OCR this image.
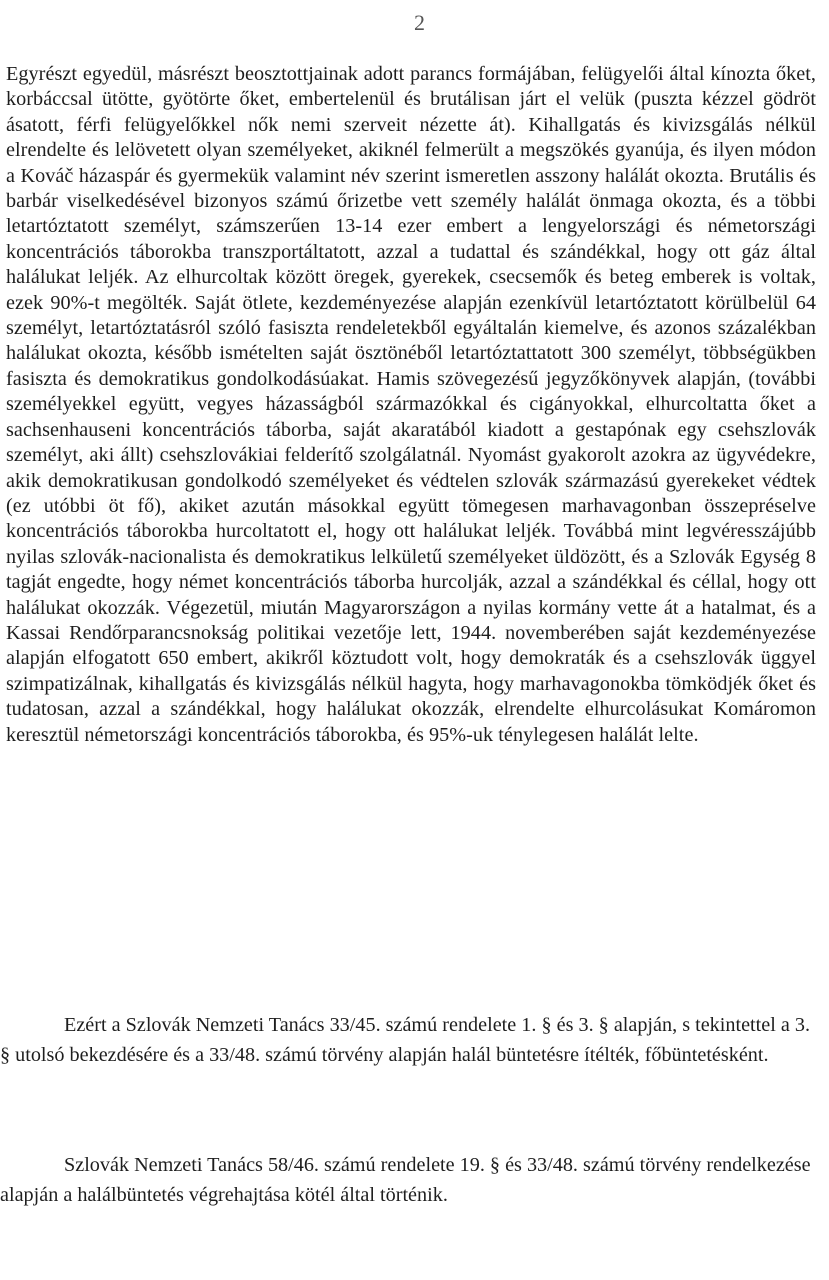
2

Egyrészt egyedül, másrészt beosztottjainak adott parancs formájában, felügyelői által kínozta őket, korbáccsal ütötte, gyötörte őket, embertelenül és brutálisan járt el velük (puszta kézzel gödröt ásatott, férfi felügyelőkkel nők nemi szerveit nézette át). Kihallgatás és kivizsgálás nélkül elrendelte és lelövetett olyan személyeket, akiknél felmerült a megszökés gyanúja, és ilyen módon a Kováč házaspár és gyermekük valamint név szerint ismeretlen asszony halálát okozta. Brutális és barbár viselkedésével bizonyos számú őrizetbe vett személy halálát önmaga okozta, és a többi letartóztatott személyt, számszerűen 13-14 ezer embert a lengyelországi és németországi koncentrációs táborokba transzportáltatott, azzal a tudattal és szándékkal, hogy ott gáz által halálukat leljék. Az elhurcoltak között öregek, gyerekek, csecsemők és beteg emberek is voltak, ezek 90%-t megölték. Saját ötlete, kezdeményezése alapján ezenkívül letartóztatott körülbelül 64 személyt, letartóztatásról szóló fasiszta rendeletekből egyáltalán kiemelve, és azonos százalékban halálukat okozta, később ismételten saját ösztönéből letartóztattatott 300 személyt, többségükben fasiszta és demokratikus gondolkodásúakat. Hamis szövegezésű jegyzőkönyvek alapján, (további személyekkel együtt, vegyes házasságból származókkal és cigányokkal, elhurcoltatta őket a sachsenhauseni koncentrációs táborba, saját akaratából kiadott a gestapónak egy csehszlovák személyt, aki állt) csehszlovákiai felderítő szolgálatnál. Nyomást gyakorolt azokra az ügyvédekre, akik demokratikusan gondolkodó személyeket és védtelen szlovák származású gyerekeket védtek (ez utóbbi öt fő), akiket azután másokkal együtt tömegesen marhavagonban összepréselve koncentrációs táborokba hurcoltatott el, hogy ott halálukat leljék. Továbbá mint legvéresszájúbb nyilas szlovák-nacionalista és demokratikus lelkületű személyeket üldözött, és a Szlovák Egység 8 tagját engedte, hogy német koncentrációs táborba hurcolják, azzal a szándékkal és céllal, hogy ott halálukat okozzák. Végezetül, miután Magyarországon a nyilas kormány vette át a hatalmat, és a Kassai Rendőrparancsnokság politikai vezetője lett, 1944. novemberében saját kezdeményezése alapján elfogatott 650 embert, akikről köztudott volt, hogy demokraták és a csehszlovák üggyel szimpatizálnak, kihallgatás és kivizsgálás nélkül hagyta, hogy marhavagonokba tömködjék őket és tudatosan, azzal a szándékkal, hogy halálukat okozzák, elrendelte elhurcolásukat Komáromon keresztül németországi koncentrációs táborokba, és 95%-uk ténylegesen halálát lelte.

Ezért a Szlovák Nemzeti Tanács 33/45. számú rendelete 1. § és 3. § alapján, s tekintettel a 3. § utolsó bekezdésére és a 33/48. számú törvény alapján halál büntetésre ítélték, főbüntetésként.

Szlovák Nemzeti Tanács 58/46. számú rendelete 19. § és 33/48. számú törvény rendelkezése alapján a halálbüntetés végrehajtása kötél által történik.
